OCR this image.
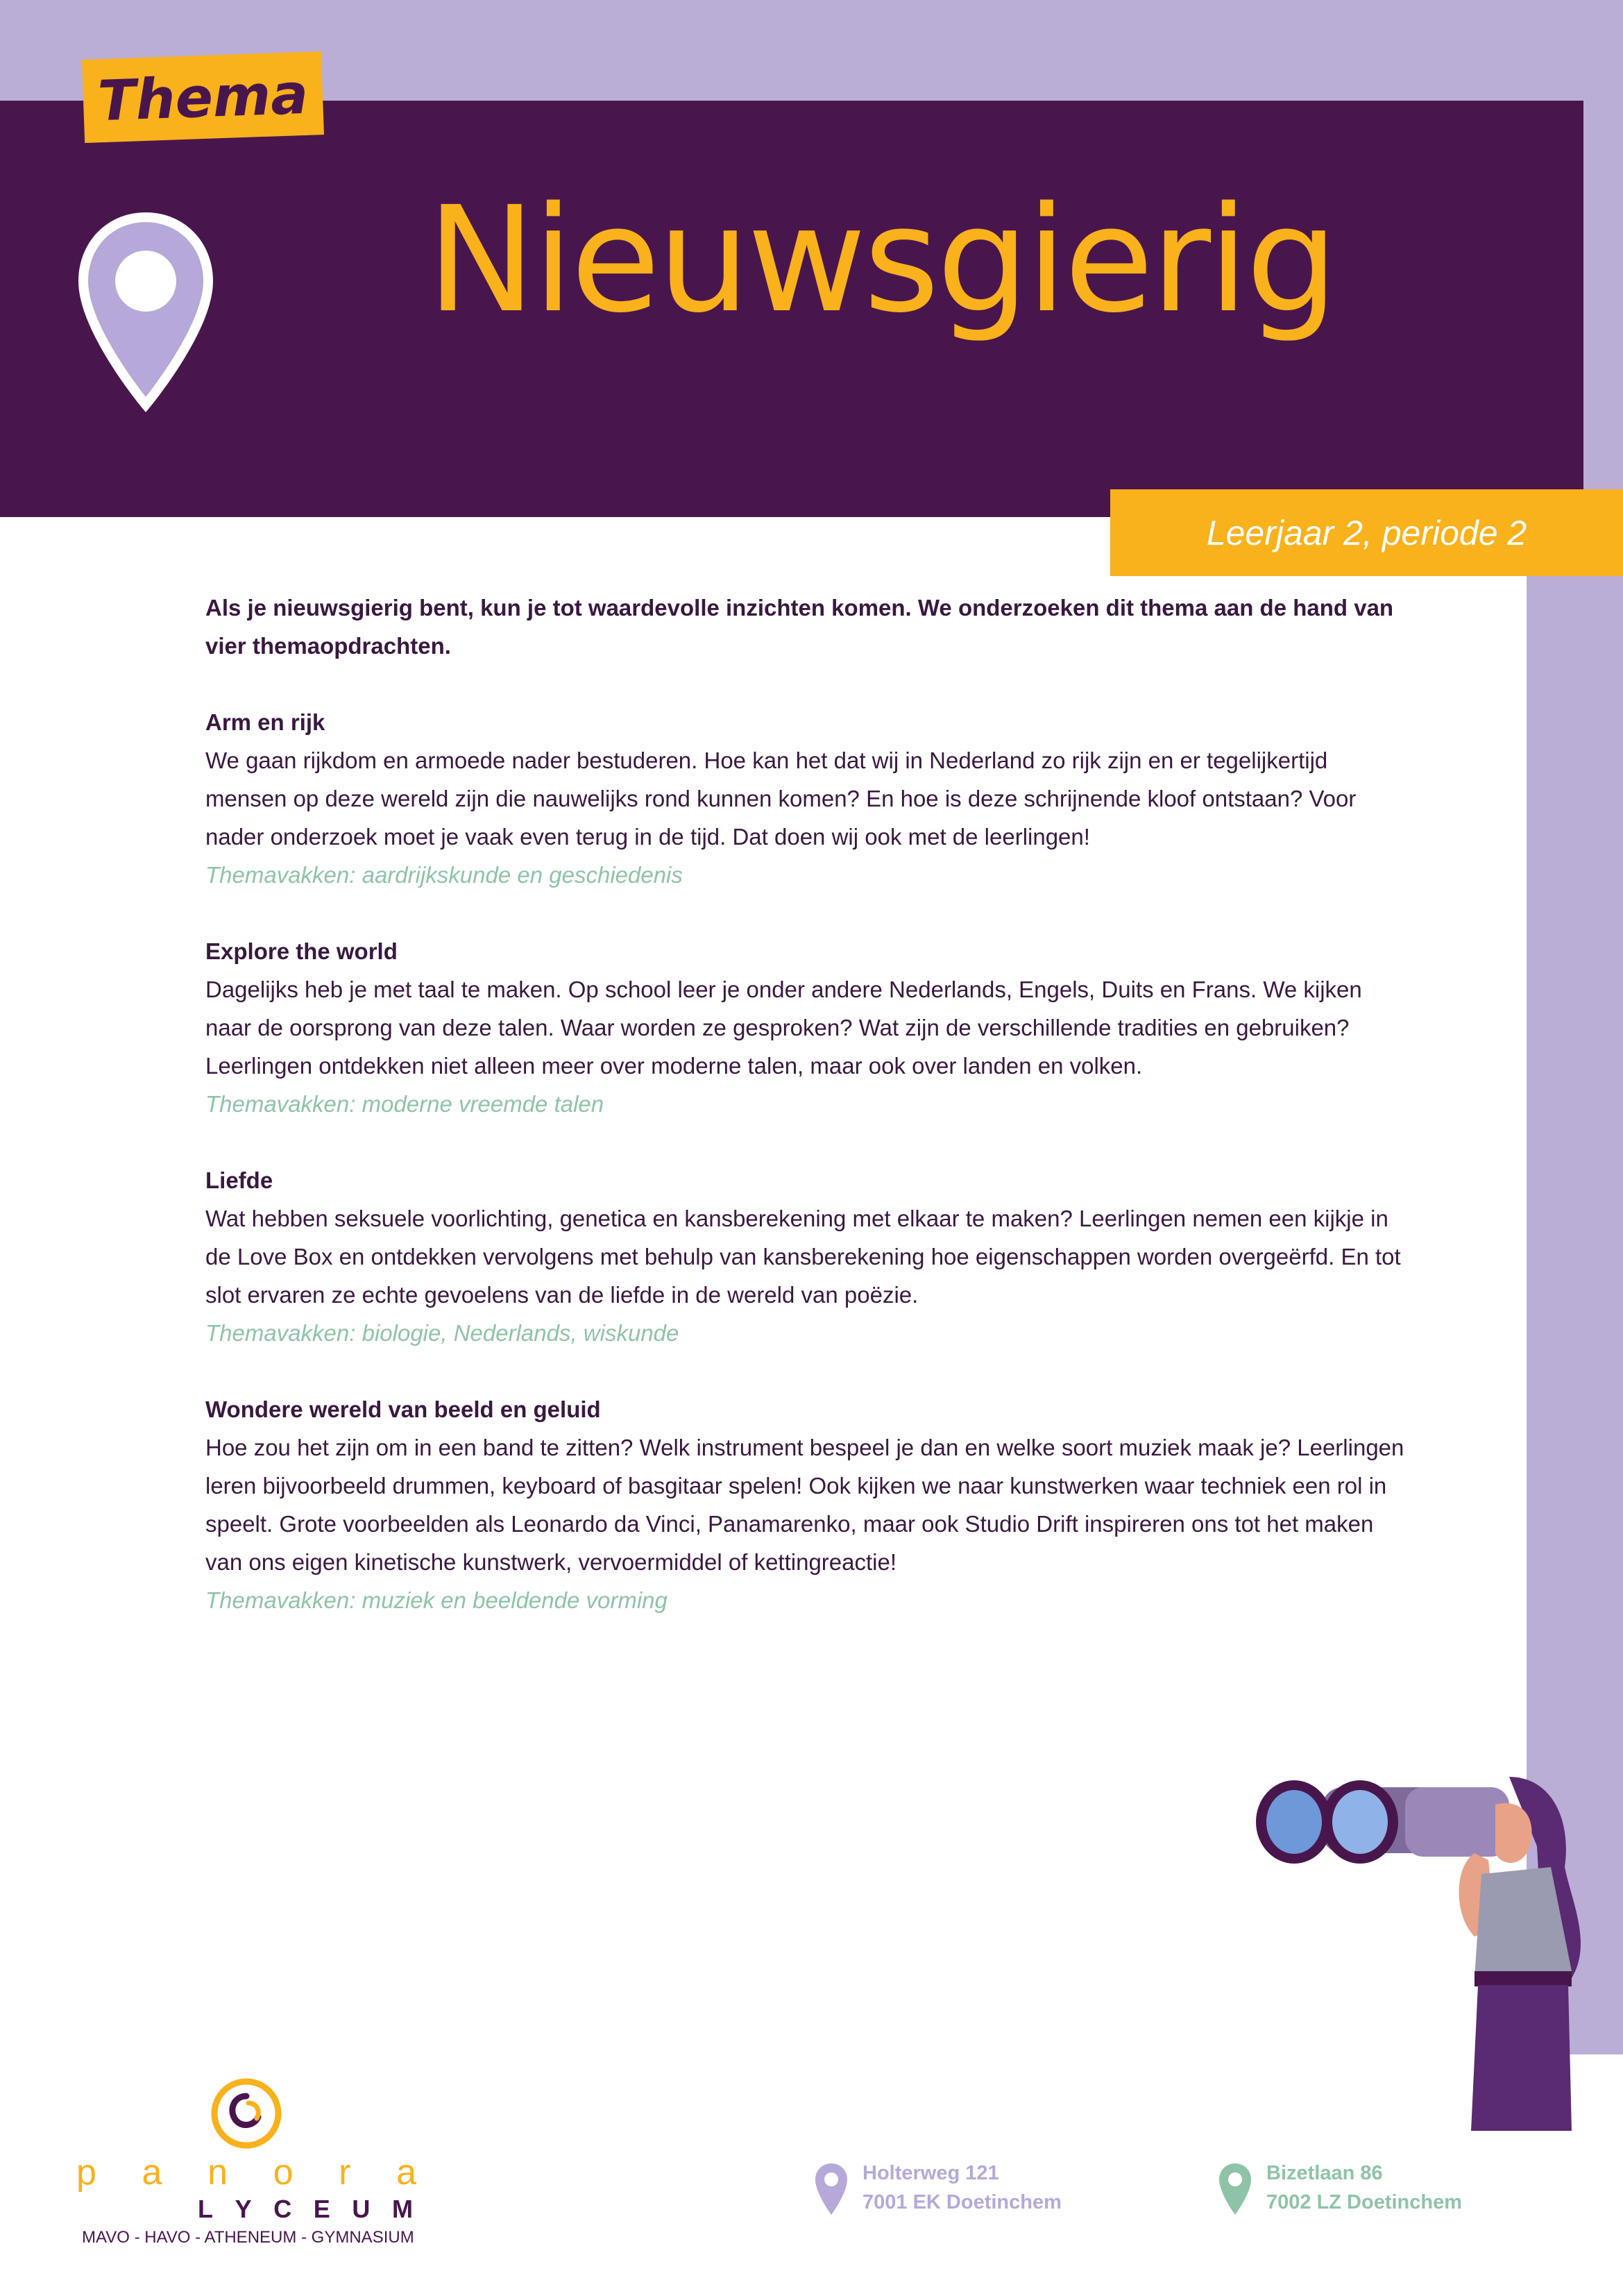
Thema
Nieuwsgierig
Leerjaar 2, periode 2

Als je nieuwsgierig bent, kun je tot waardevolle inzichten komen. We onderzoeken dit thema aan de hand van vier themaopdrachten.

Arm en rijk

We gaan rijkdom en armoede nader bestuderen. Hoe kan het dat wij in Nederland zo rijk zijn en er tegelijkertijd mensen op deze wereld zijn die nauwelijks rond kunnen komen? En hoe is deze schrijnende kloof ontstaan? Voor nader onderzoek moet je vaak even terug in de tijd. Dat doen wij ook met de leerlingen!

Themavakken: aardrijkskunde en geschiedenis

Explore the world

Dagelijks heb je met taal te maken. Op school leer je onder andere Nederlands, Engels, Duits en Frans. We kijken naar de oorsprong van deze talen. Waar worden ze gesproken? Wat zijn de verschillende tradities en gebruiken? Leerlingen ontdekken niet alleen meer over moderne talen, maar ook over landen en volken.

Themavakken: moderne vreemde talen

Liefde

Wat hebben seksuele voorlichting, genetica en kansberekening met elkaar te maken? Leerlingen nemen een kijkje in de Love Box en ontdekken vervolgens met behulp van kansberekening hoe eigenschappen worden overgeërfd. En tot slot ervaren ze echte gevoelens van de liefde in de wereld van poëzie.

Themavakken: biologie, Nederlands, wiskunde

Wondere wereld van beeld en geluid

Hoe zou het zijn om in een band te zitten? Welk instrument bespeel je dan en welke soort muziek maak je? Leerlingen leren bijvoorbeeld drummen, keyboard of basgitaar spelen! Ook kijken we naar kunstwerken waar techniek een rol in speelt. Grote voorbeelden als Leonardo da Vinci, Panamarenko, maar ook Studio Drift inspireren ons tot het maken van ons eigen kinetische kunstwerk, vervoermiddel of kettingreactie!

Themavakken: muziek en beeldende vorming

p a n o r a
L Y C E U M
MAVO - HAVO - ATHENEUM - GYMNASIUM
Holterweg 121
7001 EK Doetinchem
Bizetlaan 86
7002 LZ Doetinchem
